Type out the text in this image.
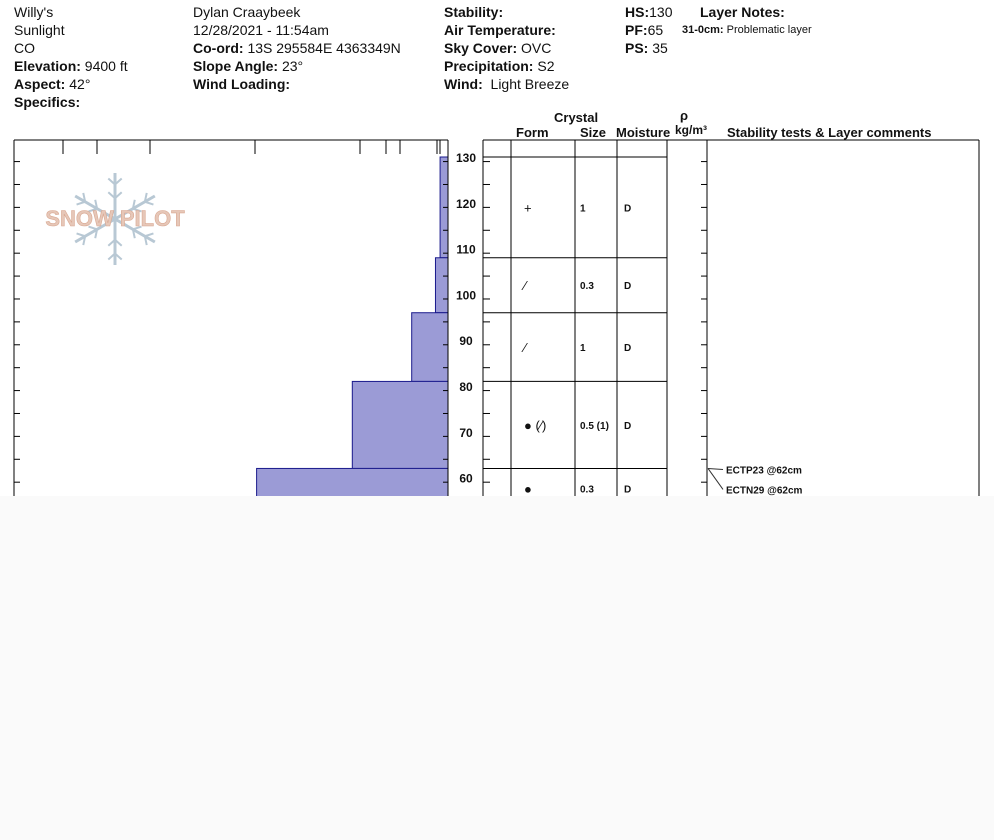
Willy's
Sunlight
CO
Elevation: 9400 ft
Aspect: 42°
Specifics:
Dylan Craaybeek
12/28/2021 - 11:54am
Co-ord: 13S 295584E 4363349N
Slope Angle: 23°
Wind Loading:
Stability:
Air Temperature:
Sky Cover: OVC
Precipitation: S2
Wind: Light Breeze
HS:130
PF:65
PS: 35
Layer Notes:
31-0cm: Problematic layer
Crystal
Form Size Moisture
ρ
kg/m³ Stability tests & Layer comments
SNOW PILOT
130
120
110
100
90
80
70
60
+	1	D
∕	0.3	D
∕	1	D
● (∕)	0.5 (1) D
●	0.3	D
ECTP23 @62cm
ECTN29 @62cm
